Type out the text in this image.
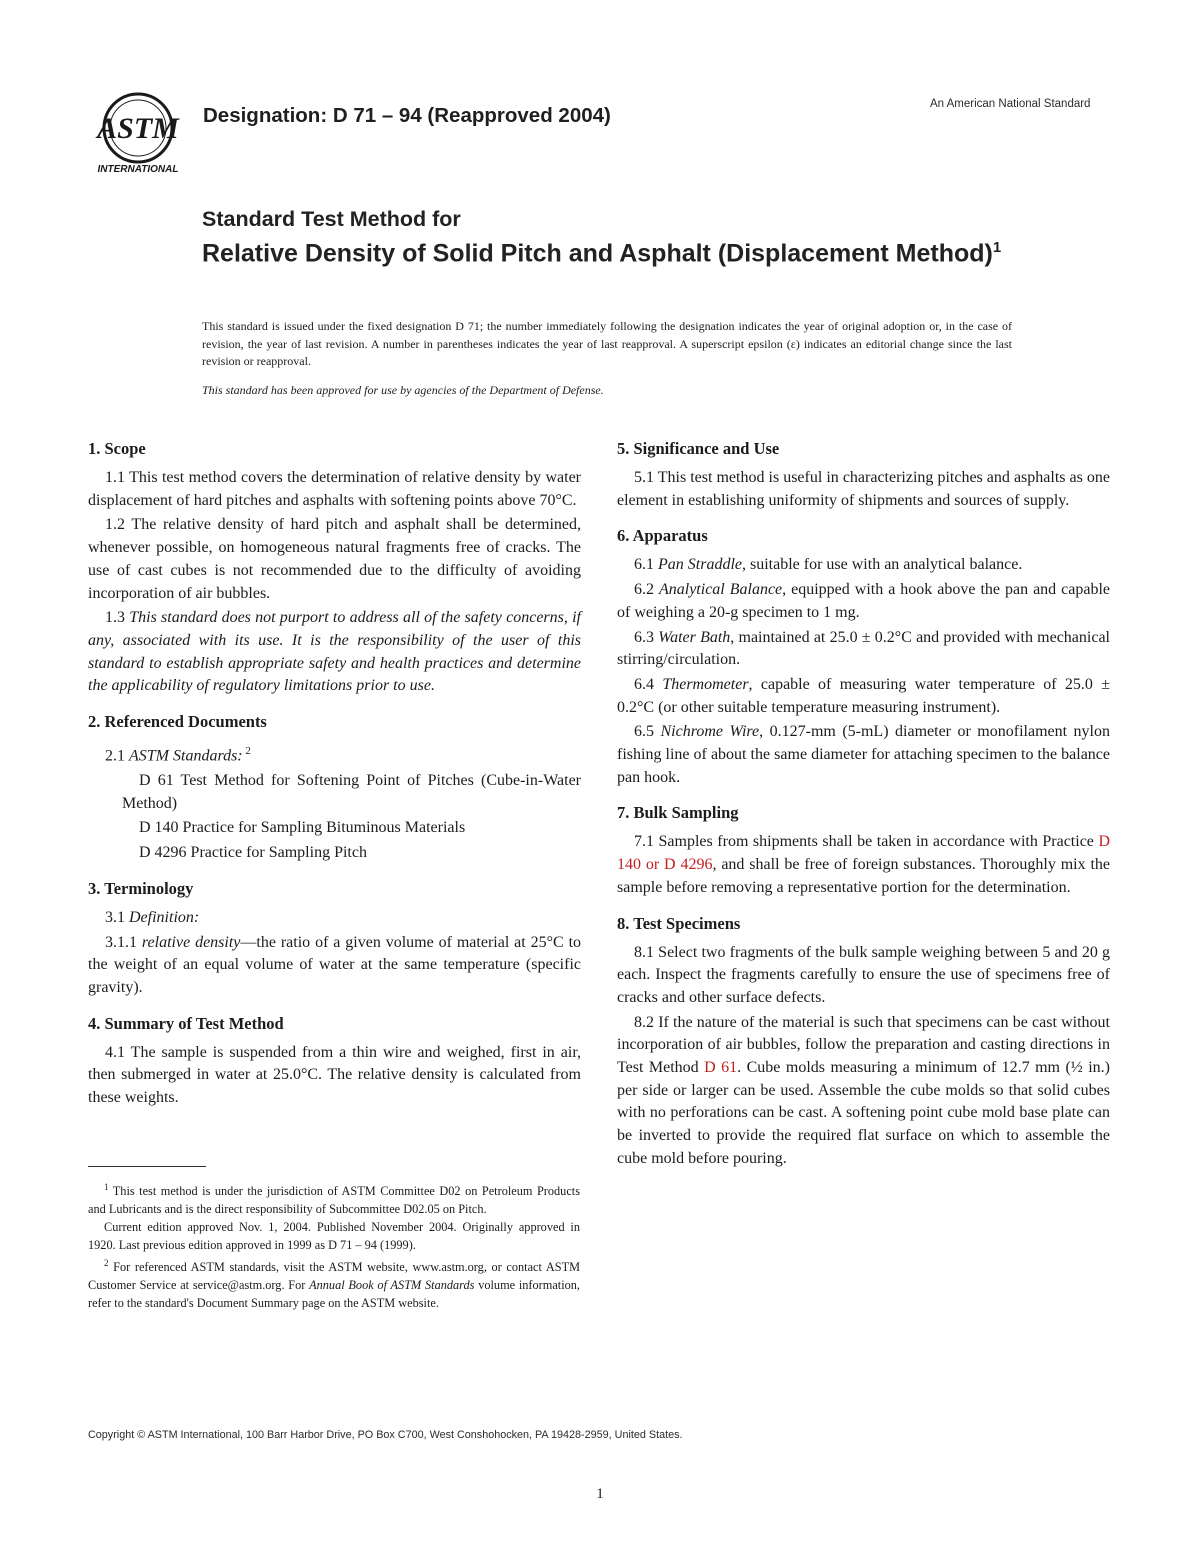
ASTM
INTERNATIONAL
Designation: D 71 – 94 (Reapproved 2004)	An American National Standard
Standard Test Method for
Relative Density of Solid Pitch and Asphalt (Displacement Method)$^1$
This standard is issued under the fixed designation D 71; the number immediately following the designation indicates the year of original adoption or, in the case of revision, the year of last revision. A number in parentheses indicates the year of last reapproval. A superscript epsilon (ε) indicates an editorial change since the last revision or reapproval.
This standard has been approved for use by agencies of the Department of Defense.
1. Scope

1.1 This test method covers the determination of relative density by water displacement of hard pitches and asphalts with softening points above 70°C.

1.2 The relative density of hard pitch and asphalt shall be determined, whenever possible, on homogeneous natural fragments free of cracks. The use of cast cubes is not recommended due to the difficulty of avoiding incorporation of air bubbles.

1.3 This standard does not purport to address all of the safety concerns, if any, associated with its use. It is the responsibility of the user of this standard to establish appropriate safety and health practices and determine the applicability of regulatory limitations prior to use.

2. Referenced Documents

2.1 ASTM Standards: $^2$

D 61 Test Method for Softening Point of Pitches (Cube-in-Water Method)

D 140 Practice for Sampling Bituminous Materials

D 4296 Practice for Sampling Pitch

3. Terminology

3.1 Definition:

3.1.1 relative density—the ratio of a given volume of material at 25°C to the weight of an equal volume of water at the same temperature (specific gravity).

4. Summary of Test Method

4.1 The sample is suspended from a thin wire and weighed, first in air, then submerged in water at 25.0°C. The relative density is calculated from these weights.

5. Significance and Use

5.1 This test method is useful in characterizing pitches and asphalts as one element in establishing uniformity of shipments and sources of supply.

6. Apparatus

6.1 Pan Straddle, suitable for use with an analytical balance.

6.2 Analytical Balance, equipped with a hook above the pan and capable of weighing a 20-g specimen to 1 mg.

6.3 Water Bath, maintained at 25.0 ± 0.2°C and provided with mechanical stirring/circulation.

6.4 Thermometer, capable of measuring water temperature of 25.0 ± 0.2°C (or other suitable temperature measuring instrument).

6.5 Nichrome Wire, 0.127-mm (5-mL) diameter or monofilament nylon fishing line of about the same diameter for attaching specimen to the balance pan hook.

7. Bulk Sampling

7.1 Samples from shipments shall be taken in accordance with Practice D 140 or D 4296, and shall be free of foreign substances. Thoroughly mix the sample before removing a representative portion for the determination.

8. Test Specimens

8.1 Select two fragments of the bulk sample weighing between 5 and 20 g each. Inspect the fragments carefully to ensure the use of specimens free of cracks and other surface defects.

8.2 If the nature of the material is such that specimens can be cast without incorporation of air bubbles, follow the preparation and casting directions in Test Method D 61. Cube molds measuring a minimum of 12.7 mm (½ in.) per side or larger can be used. Assemble the cube molds so that solid cubes with no perforations can be cast. A softening point cube mold base plate can be inverted to provide the required flat surface on which to assemble the cube mold before pouring.

$^1$ This test method is under the jurisdiction of ASTM Committee D02 on Petroleum Products and Lubricants and is the direct responsibility of Subcommittee D02.05 on Pitch.

Current edition approved Nov. 1, 2004. Published November 2004. Originally approved in 1920. Last previous edition approved in 1999 as D 71 – 94 (1999).

$^2$ For referenced ASTM standards, visit the ASTM website, www.astm.org, or contact ASTM Customer Service at service@astm.org. For Annual Book of ASTM Standards volume information, refer to the standard's Document Summary page on the ASTM website.

Copyright © ASTM International, 100 Barr Harbor Drive, PO Box C700, West Conshohocken, PA 19428-2959, United States.
1
